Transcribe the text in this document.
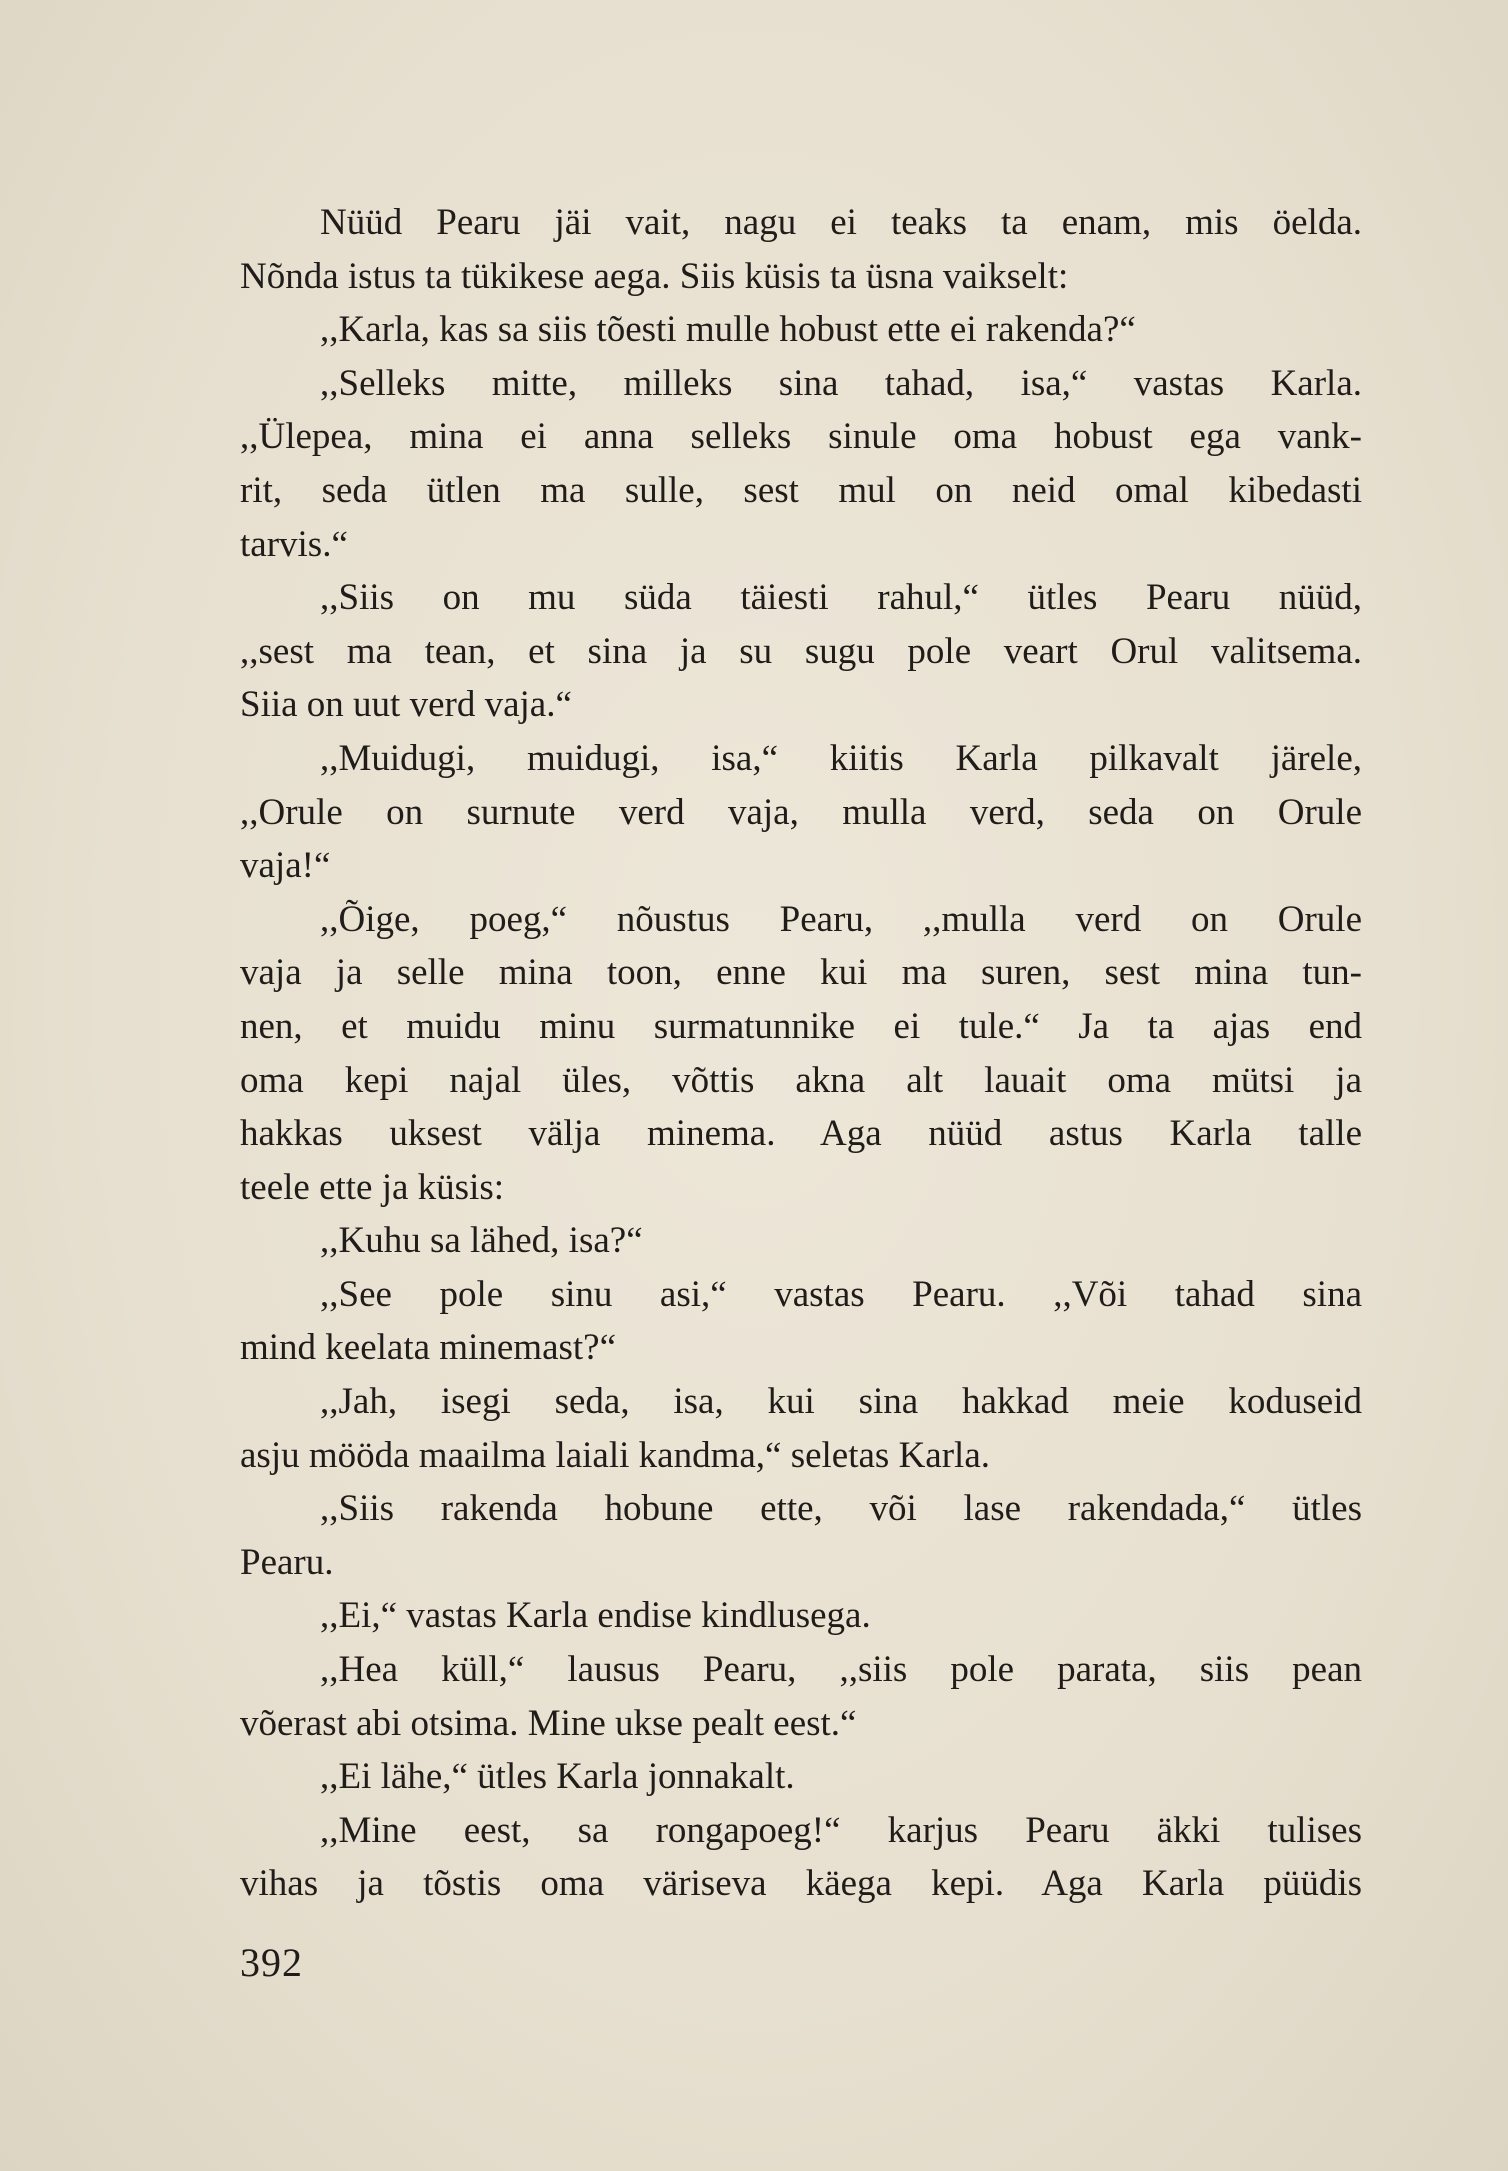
Nüüd Pearu jäi vait, nagu ei teaks ta enam, mis öelda.
Nõnda istus ta tükikese aega. Siis küsis ta üsna vaikselt:
,,Karla, kas sa siis tõesti mulle hobust ette ei rakenda?“
,,Selleks mitte, milleks sina tahad, isa,“ vastas Karla.
,,Ülepea, mina ei anna selleks sinule oma hobust ega vank-
rit, seda ütlen ma sulle, sest mul on neid omal kibedasti
tarvis.“
,,Siis on mu süda täiesti rahul,“ ütles Pearu nüüd,
,,sest ma tean, et sina ja su sugu pole veart Orul valitsema.
Siia on uut verd vaja.“
,,Muidugi, muidugi, isa,“ kiitis Karla pilkavalt järele,
,,Orule on surnute verd vaja, mulla verd, seda on Orule
vaja!“
,,Õige, poeg,“ nõustus Pearu, ,,mulla verd on Orule
vaja ja selle mina toon, enne kui ma suren, sest mina tun-
nen, et muidu minu surmatunnike ei tule.“ Ja ta ajas end
oma kepi najal üles, võttis akna alt lauait oma mütsi ja
hakkas uksest välja minema. Aga nüüd astus Karla talle
teele ette ja küsis:
,,Kuhu sa lähed, isa?“
,,See pole sinu asi,“ vastas Pearu. ,,Või tahad sina
mind keelata minemast?“
,,Jah, isegi seda, isa, kui sina hakkad meie koduseid
asju mööda maailma laiali kandma,“ seletas Karla.
,,Siis rakenda hobune ette, või lase rakendada,“ ütles
Pearu.
,,Ei,“ vastas Karla endise kindlusega.
,,Hea küll,“ lausus Pearu, ,,siis pole parata, siis pean
võerast abi otsima. Mine ukse pealt eest.“
,,Ei lähe,“ ütles Karla jonnakalt.
,,Mine eest, sa rongapoeg!“ karjus Pearu äkki tulises
vihas ja tõstis oma väriseva käega kepi. Aga Karla püüdis
392
